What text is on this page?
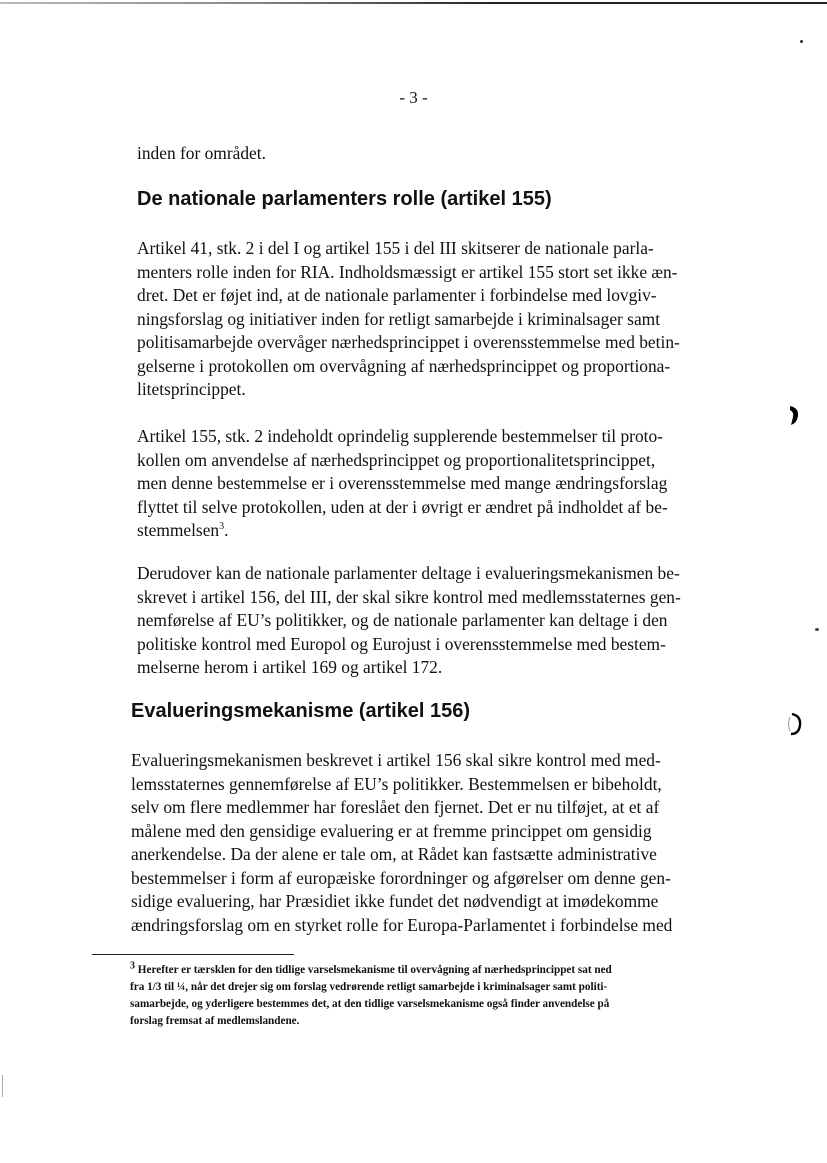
- 3 -

inden for området.

De nationale parlamenters rolle (artikel 155)

Artikel 41, stk. 2 i del I og artikel 155 i del III skitserer de nationale parla-
menters rolle inden for RIA. Indholdsmæssigt er artikel 155 stort set ikke æn-
dret. Det er føjet ind, at de nationale parlamenter i forbindelse med lovgiv-
ningsforslag og initiativer inden for retligt samarbejde i kriminalsager samt
politisamarbejde overvåger nærhedsprincippet i overensstemmelse med betin-
gelserne i protokollen om overvågning af nærhedsprincippet og proportiona-
litetsprincippet.

Artikel 155, stk. 2 indeholdt oprindelig supplerende bestemmelser til proto-
kollen om anvendelse af nærhedsprincippet og proportionalitetsprincippet,
men denne bestemmelse er i overensstemmelse med mange ændringsforslag
flyttet til selve protokollen, uden at der i øvrigt er ændret på indholdet af be-
stemmelsen$^3$.

Derudover kan de nationale parlamenter deltage i evalueringsmekanismen be-
skrevet i artikel 156, del III, der skal sikre kontrol med medlemsstaternes gen-
nemførelse af EU’s politikker, og de nationale parlamenter kan deltage i den
politiske kontrol med Europol og Eurojust i overensstemmelse med bestem-
melserne herom i artikel 169 og artikel 172.

Evalueringsmekanisme (artikel 156)

Evalueringsmekanismen beskrevet i artikel 156 skal sikre kontrol med med-
lemsstaternes gennemførelse af EU’s politikker. Bestemmelsen er bibeholdt,
selv om flere medlemmer har foreslået den fjernet. Det er nu tilføjet, at et af
målene med den gensidige evaluering er at fremme princippet om gensidig
anerkendelse. Da der alene er tale om, at Rådet kan fastsætte administrative
bestemmelser i form af europæiske forordninger og afgørelser om denne gen-
sidige evaluering, har Præsidiet ikke fundet det nødvendigt at imødekomme
ændringsforslag om en styrket rolle for Europa-Parlamentet i forbindelse med

$^3$ Herefter er tærsklen for den tidlige varselsmekanisme til overvågning af nærhedsprincippet sat ned
fra 1/3 til ¼, når det drejer sig om forslag vedrørende retligt samarbejde i kriminalsager samt politi-
samarbejde, og yderligere bestemmes det, at den tidlige varselsmekanisme også finder anvendelse på
forslag fremsat af medlemslandene.
